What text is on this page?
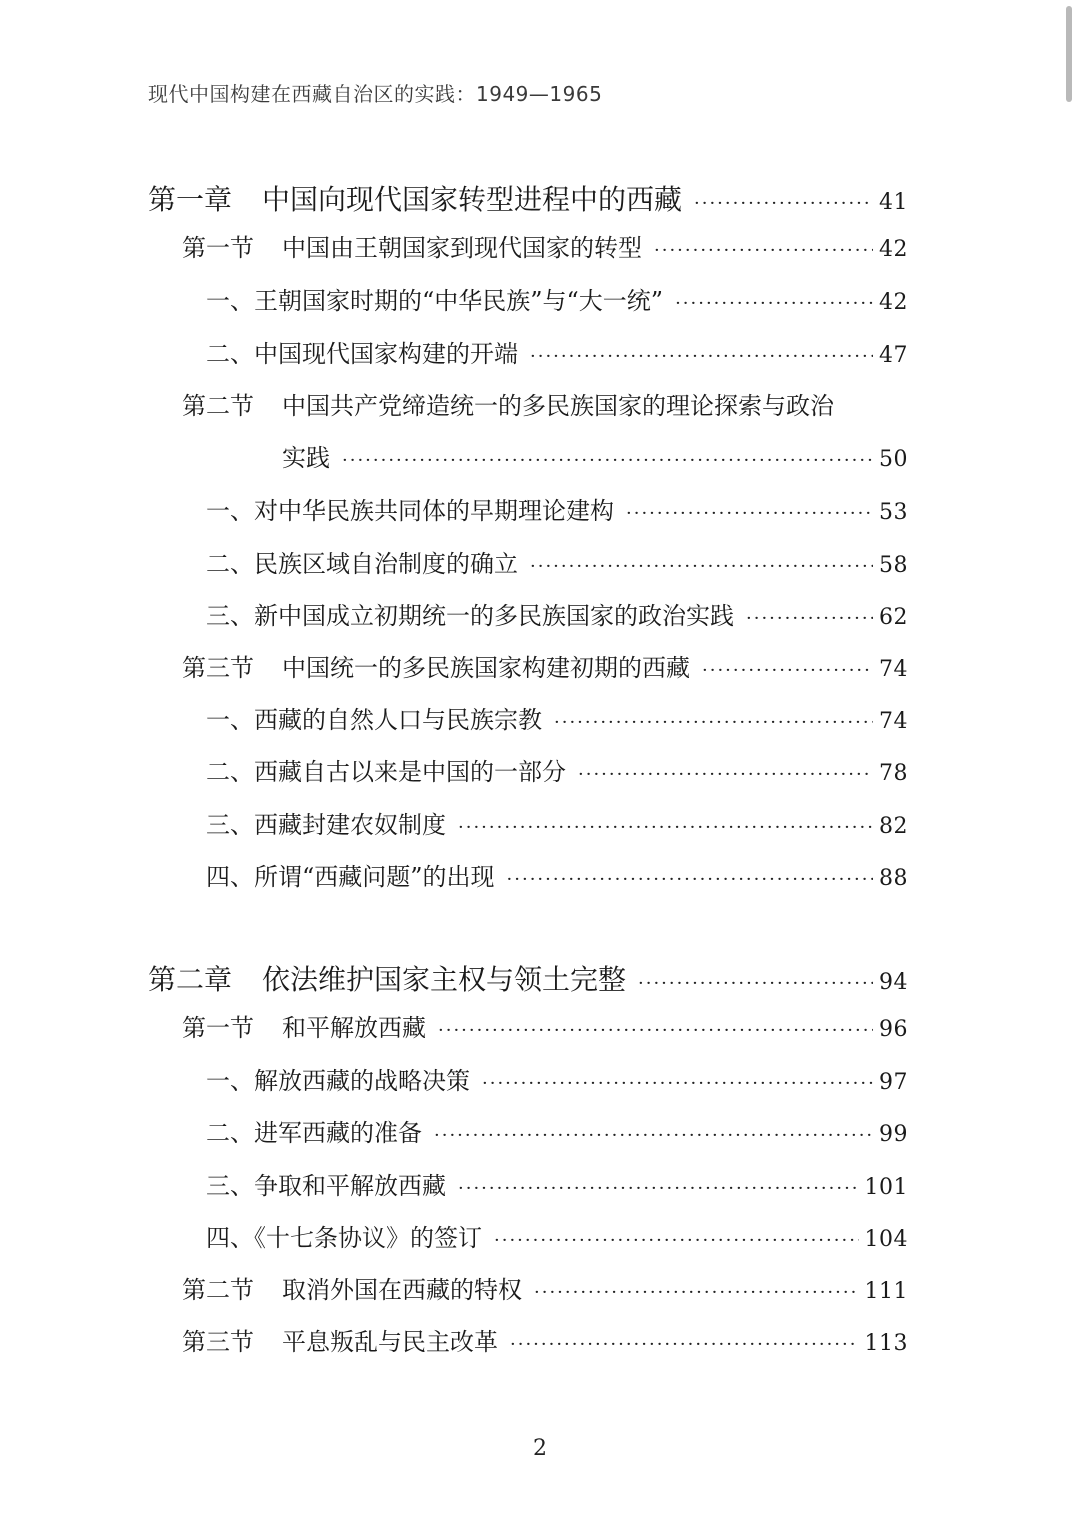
现代中国构建在西藏自治区的实践：1949—1965
第一章 中国向现代国家转型进程中的西藏 ·····	41
第一节 中国由王朝国家到现代国家的转型 ·····	42
一、王朝国家时期的“中华民族”与“大一统” ·····	42
二、中国现代国家构建的开端 ·····	47
第二节 中国共产党缔造统一的多民族国家的理论探索与政治
实践 ·····	50
一、对中华民族共同体的早期理论建构 ·····	53
二、民族区域自治制度的确立 ·····	58
三、新中国成立初期统一的多民族国家的政治实践 ·····	62
第三节 中国统一的多民族国家构建初期的西藏 ·····	74
一、西藏的自然人口与民族宗教 ·····	74
二、西藏自古以来是中国的一部分 ·····	78
三、西藏封建农奴制度 ·····	82
四、所谓“西藏问题”的出现 ·····	88
第二章 依法维护国家主权与领土完整 ·····	94
第一节 和平解放西藏 ·····	96
一、解放西藏的战略决策 ·····	97
二、进军西藏的准备 ·····	99
三、争取和平解放西藏 ·····	101
四、《十七条协议》的签订 ·····	104
第二节 取消外国在西藏的特权 ·····	111
第三节 平息叛乱与民主改革 ·····	113
2
